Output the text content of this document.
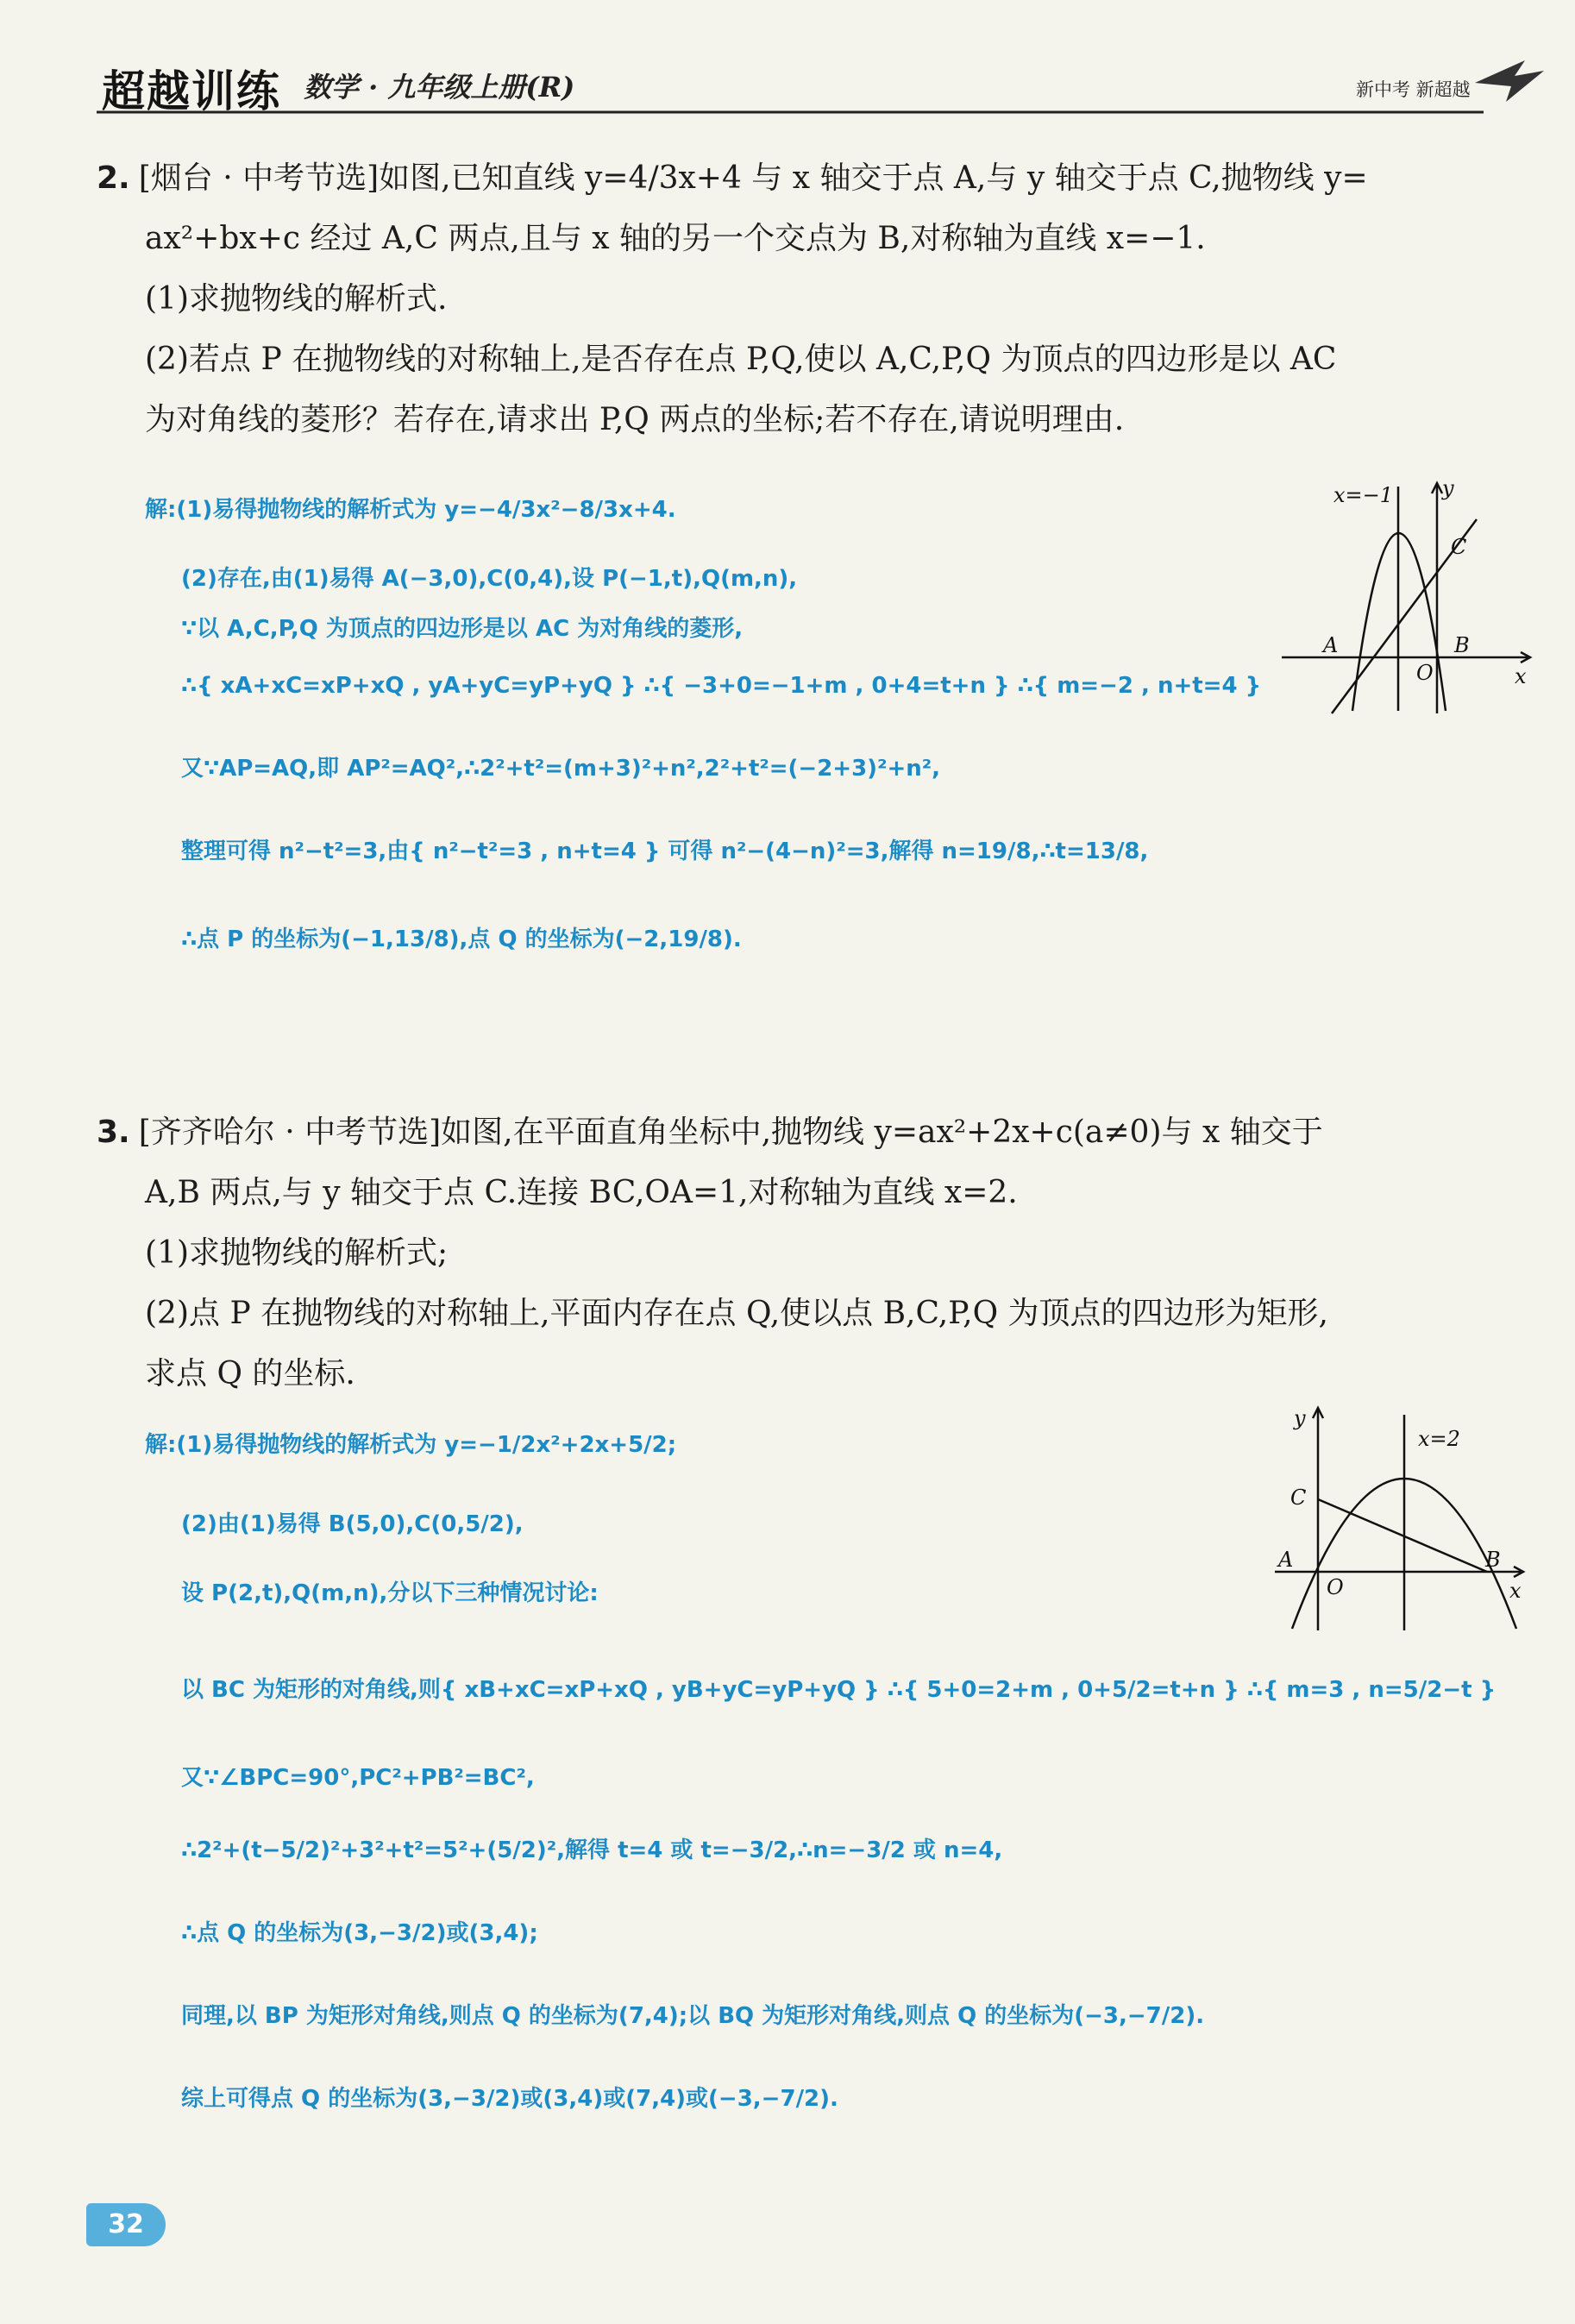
超越训练 数学 · 九年级上册(R)	新中考 新超越

2. [烟台 · 中考节选]如图,已知直线 y=4/3x+4 与 x 轴交于点 A,与 y 轴交于点 C,抛物线 y=

ax²+bx+c 经过 A,C 两点,且与 x 轴的另一个交点为 B,对称轴为直线 x=−1.

(1)求抛物线的解析式.

(2)若点 P 在抛物线的对称轴上,是否存在点 P,Q,使以 A,C,P,Q 为顶点的四边形是以 AC

为对角线的菱形？若存在,请求出 P,Q 两点的坐标;若不存在,请说明理由.

解:(1)易得抛物线的解析式为 y=−4/3x²−8/3x+4.
(2)存在,由(1)易得 A(−3,0),C(0,4),设 P(−1,t),Q(m,n),
∵以 A,C,P,Q 为顶点的四边形是以 AC 为对角线的菱形,
∴{ xA+xC=xP+xQ , yA+yC=yP+yQ } ∴{ −3+0=−1+m , 0+4=t+n } ∴{ m=−2 , n+t=4 }
又∵AP=AQ,即 AP²=AQ²,∴2²+t²=(m+3)²+n²,2²+t²=(−2+3)²+n²,
整理可得 n²−t²=3,由{ n²−t²=3 , n+t=4 } 可得 n²−(4−n)²=3,解得 n=19/8,∴t=13/8,
∴点 P 的坐标为(−1,13/8),点 Q 的坐标为(−2,19/8).
x=−1 y
C
A
O
B
x

3. [齐齐哈尔 · 中考节选]如图,在平面直角坐标中,抛物线 y=ax²+2x+c(a≠0)与 x 轴交于

A,B 两点,与 y 轴交于点 C.连接 BC,OA=1,对称轴为直线 x=2.

(1)求抛物线的解析式;

(2)点 P 在抛物线的对称轴上,平面内存在点 Q,使以点 B,C,P,Q 为顶点的四边形为矩形,

求点 Q 的坐标.

解:(1)易得抛物线的解析式为 y=−1/2x²+2x+5/2;
(2)由(1)易得 B(5,0),C(0,5/2),
设 P(2,t),Q(m,n),分以下三种情况讨论:
以 BC 为矩形的对角线,则{ xB+xC=xP+xQ , yB+yC=yP+yQ } ∴{ 5+0=2+m , 0+5/2=t+n } ∴{ m=3 , n=5/2−t }
又∵∠BPC=90°,PC²+PB²=BC²,
∴2²+(t−5/2)²+3²+t²=5²+(5/2)²,解得 t=4 或 t=−3/2,∴n=−3/2 或 n=4,
∴点 Q 的坐标为(3,−3/2)或(3,4);
同理,以 BP 为矩形对角线,则点 Q 的坐标为(7,4);以 BQ 为矩形对角线,则点 Q 的坐标为(−3,−7/2).
综上可得点 Q 的坐标为(3,−3/2)或(3,4)或(7,4)或(−3,−7/2).
y
x=2
C
A
O
B
x
32
